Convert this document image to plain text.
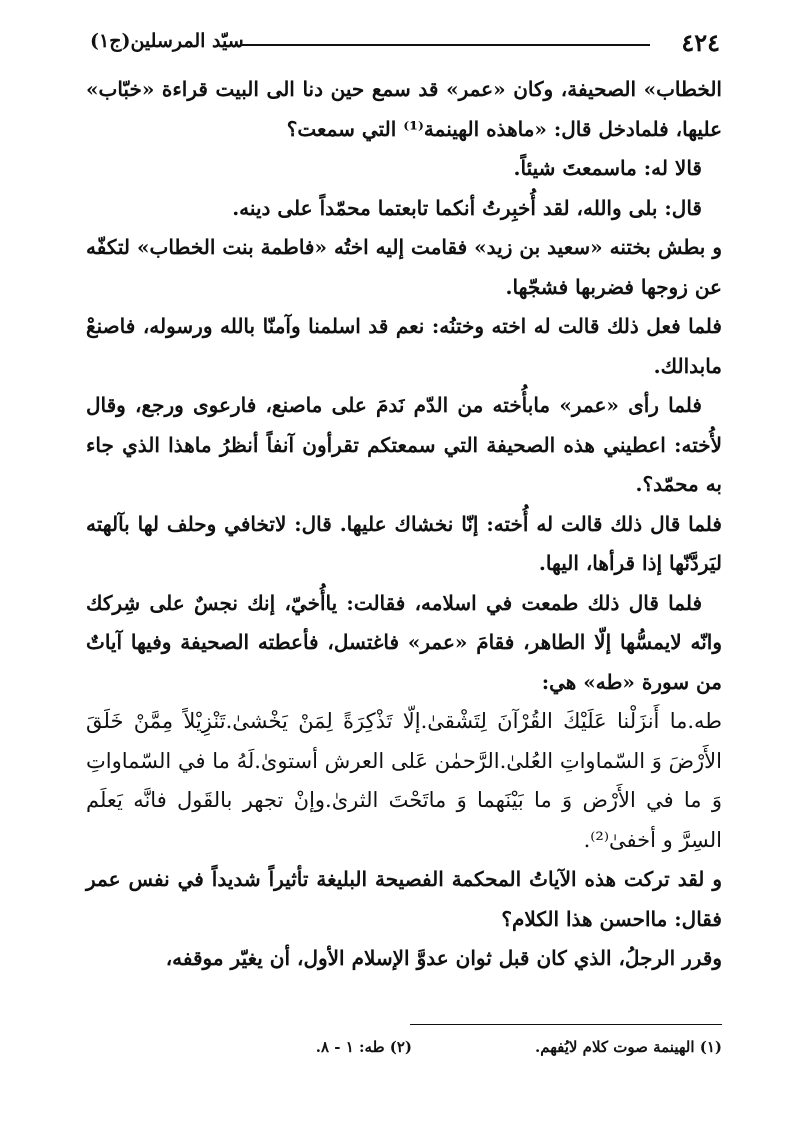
٤٢٤
سيّد المرسلين(ج١)

الخطاب» الصحيفة، وكان «عمر» قد سمع حين دنا الى البيت قراءة «خبّاب» عليها، فلمادخل قال: «ماهذه الهينمة⁽¹⁾ التي سمعت؟

قالا له: ماسمعتَ شيئاً.

قال: بلى والله، لقد أُخبِرتُ أنكما تابعتما محمّداً على دينه.

و بطش بختنه «سعيد بن زيد» فقامت إليه اختُه «فاطمة بنت الخطاب» لتكفّه عن زوجها فضربها فشجّها.

فلما فعل ذلك قالت له اخته وختنُه: نعم قد اسلمنا وآمنّا بالله ورسوله، فاصنعْ مابدالك.

فلما رأى «عمر» مابأُخته من الدّم نَدمَ على ماصنع، فارعوى ورجع، وقال لأُخته: اعطيني هذه الصحيفة التي سمعتكم تقرأون آنفاً أنظرُ ماهذا الذي جاء به محمّد؟.

فلما قال ذلك قالت له أُخته: إنّا نخشاك عليها. قال: لاتخافي وحلف لها بآلهته ليَردَّنّها إذا قرأها، اليها.

فلما قال ذلك طمعت في اسلامه، فقالت: ياأُخيّ، إنك نجسٌ على شِركك وانّه لايمسُّها إلّا الطاهر، فقامَ «عمر» فاغتسل، فأعطته الصحيفة وفيها آياتٌ من سورة «طه» هي:

طه.ما أَنزَلْنا عَلَيْكَ القُرْآنَ لِتَشْقىٰ.إلّا تَذْكِرَةً لِمَنْ يَخْشىٰ.تَنْزِيْلاً مِمَّنْ خَلَقَ الأَرْضَ وَ السّماواتِ العُلىٰ.الرَّحمٰن عَلى العرش أستوىٰ.لَهُ ما في السّماواتِ وَ ما في الأَرْض وَ ما بَيْنَهما وَ ماتَحْتَ الثرىٰ.وإنْ تجهر بالقَول فانَّه يَعلَم السِرَّ و أخفىٰ⁽²⁾.

و لقد تركت هذه الآياتُ المحكمة الفصيحة البليغة تأثيراً شديداً في نفس عمر فقال: مااحسن هذا الكلام؟

وقرر الرجلُ، الذي كان قبل ثوان عدوَّ الإسلام الأول، أن يغيّر موقفه،

(١) الهينمة صوت كلام لايُفهم.
(٢) طه: ١ - ٨.
